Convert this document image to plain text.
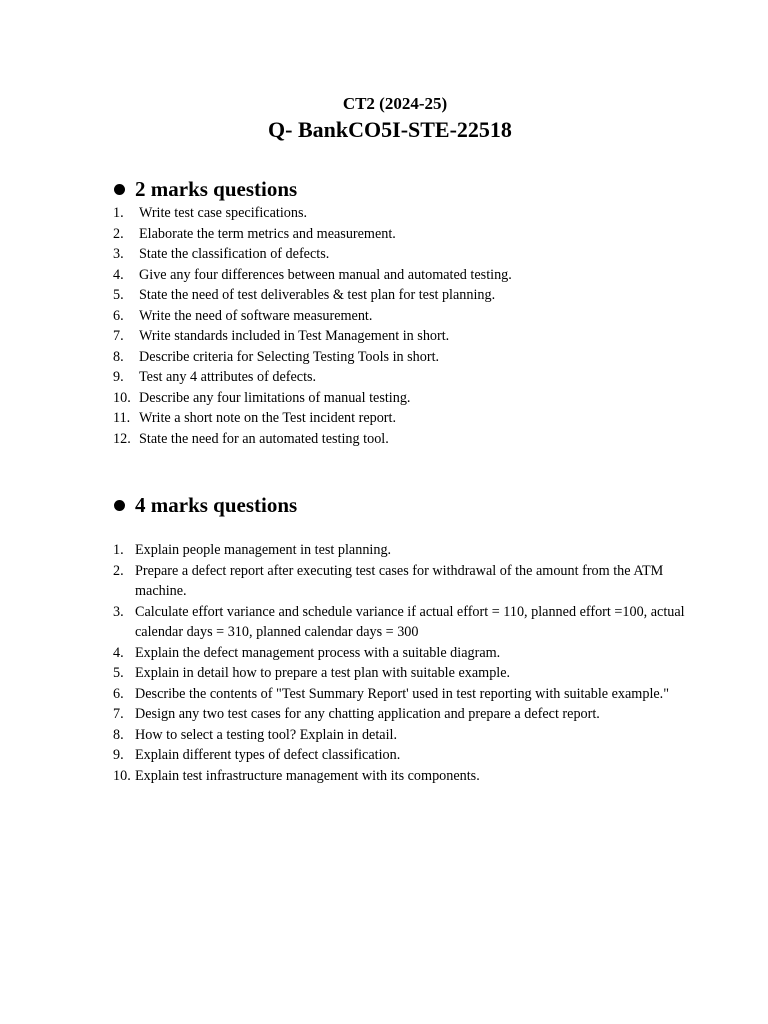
CT2 (2024-25)
Q- BankCO5I-STE-22518
2 marks questions
1.	Write test case specifications.
2.	Elaborate the term metrics and measurement.
3.	State the classification of defects.
4.	Give any four differences between manual and automated testing.
5.	State the need of test deliverables & test plan for test planning.
6.	Write the need of software measurement.
7.	Write standards included in Test Management in short.
8.	Describe criteria for Selecting Testing Tools in short.
9.	Test any 4 attributes of defects.
10. Describe any four limitations of manual testing.
11. Write a short note on the Test incident report.
12. State the need for an automated testing tool.
4 marks questions
1. Explain people management in test planning.
2. Prepare a defect report after executing test cases for withdrawal of the amount from the ATM machine.
3. Calculate effort variance and schedule variance if actual effort = 110, planned effort =100, actual calendar days = 310, planned calendar days = 300
4. Explain the defect management process with a suitable diagram.
5. Explain in detail how to prepare a test plan with suitable example.
6. Describe the contents of "Test Summary Report' used in test reporting with suitable example."
7. Design any two test cases for any chatting application and prepare a defect report.
8. How to select a testing tool? Explain in detail.
9. Explain different types of defect classification.
10. Explain test infrastructure management with its components.
